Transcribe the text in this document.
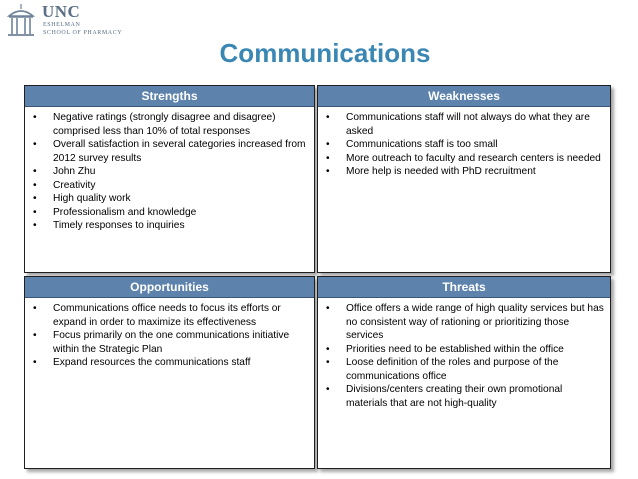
UNC
ESHELMAN
SCHOOL OF PHARMACY
Communications
Strengths
• Negative ratings (strongly disagree and disagree) comprised less than 10% of total responses
• Overall satisfaction in several categories increased from 2012 survey results
• John Zhu
• Creativity
• High quality work
• Professionalism and knowledge
• Timely responses to inquiries
Weaknesses
• Communications staff will not always do what they are asked
• Communications staff is too small
• More outreach to faculty and research centers is needed
• More help is needed with PhD recruitment
Opportunities
• Communications office needs to focus its efforts or expand in order to maximize its effectiveness
• Focus primarily on the one communications initiative within the Strategic Plan
• Expand resources the communications staff
Threats
• Office offers a wide range of high quality services but has no consistent way of rationing or prioritizing those services
• Priorities need to be established within the office
• Loose definition of the roles and purpose of the communications office
• Divisions/centers creating their own promotional materials that are not high-quality
